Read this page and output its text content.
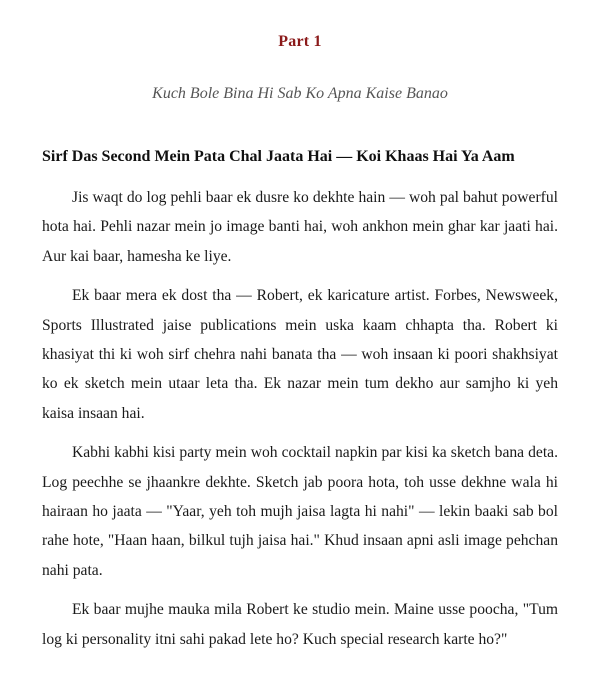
Part 1
Kuch Bole Bina Hi Sab Ko Apna Kaise Banao
Sirf Das Second Mein Pata Chal Jaata Hai — Koi Khaas Hai Ya Aam

Jis waqt do log pehli baar ek dusre ko dekhte hain — woh pal bahut powerful hota hai. Pehli nazar mein jo image banti hai, woh ankhon mein ghar kar jaati hai. Aur kai baar, hamesha ke liye.

Ek baar mera ek dost tha — Robert, ek karicature artist. Forbes, Newsweek, Sports Illustrated jaise publications mein uska kaam chhapta tha. Robert ki khasiyat thi ki woh sirf chehra nahi banata tha — woh insaan ki poori shakhsiyat ko ek sketch mein utaar leta tha. Ek nazar mein tum dekho aur samjho ki yeh kaisa insaan hai.

Kabhi kabhi kisi party mein woh cocktail napkin par kisi ka sketch bana deta. Log peechhe se jhaankre dekhte. Sketch jab poora hota, toh usse dekhne wala hi hairaan ho jaata — "Yaar, yeh toh mujh jaisa lagta hi nahi" — lekin baaki sab bol rahe hote, "Haan haan, bilkul tujh jaisa hai." Khud insaan apni asli image pehchan nahi pata.

Ek baar mujhe mauka mila Robert ke studio mein. Maine usse poocha, "Tum log ki personality itni sahi pakad lete ho? Kuch special research karte ho?"
